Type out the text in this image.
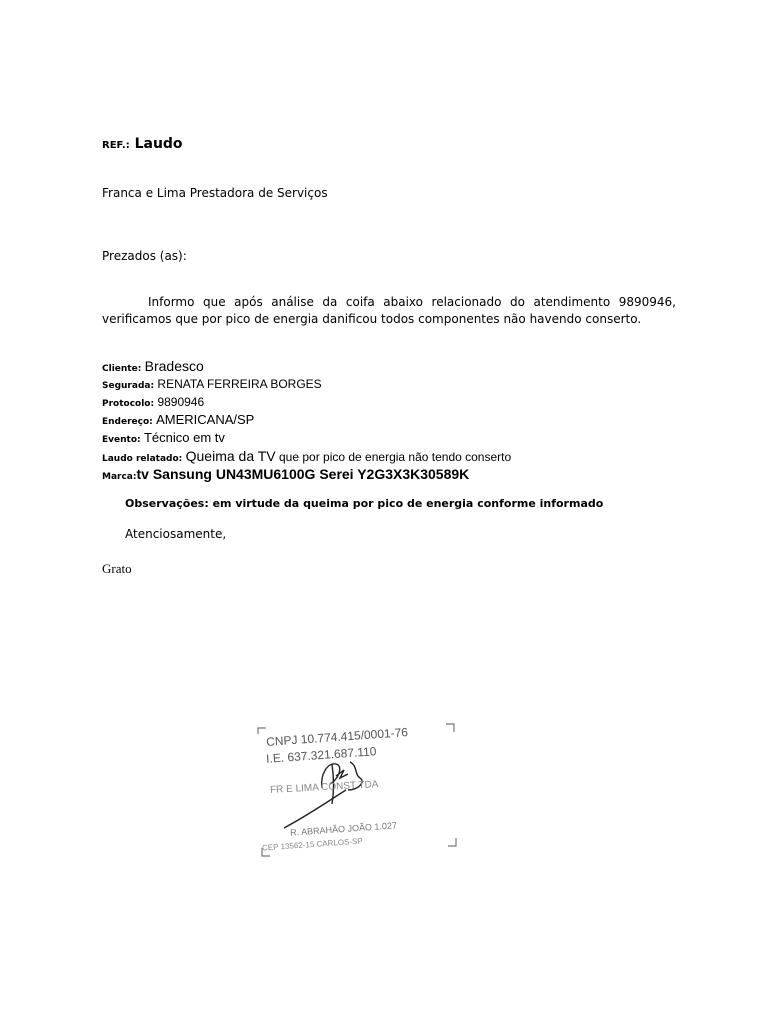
REF.: Laudo
Franca e Lima Prestadora de Serviços
Prezados (as):
Informo que após análise da coifa abaixo relacionado do atendimento 9890946, verificamos que por pico de energia danificou todos componentes não havendo conserto.
Cliente: Bradesco
Segurada: RENATA FERREIRA BORGES
Protocolo: 9890946
Endereço: AMERICANA/SP
Evento: Técnico em tv
Laudo relatado: Queima da TV que por pico de energia não tendo conserto
Marca:tv Sansung UN43MU6100G Serei Y2G3X3K30589K
Observações: em virtude da queima por pico de energia conforme informado
Atenciosamente,
Grato
CNPJ 10.774.415/0001-76
I.E. 637.321.687.110
FR E LIMA CONST TDA
R. ABRAHÃO JOÃO 1.027
CEP 13562-15 CARLOS-SP
